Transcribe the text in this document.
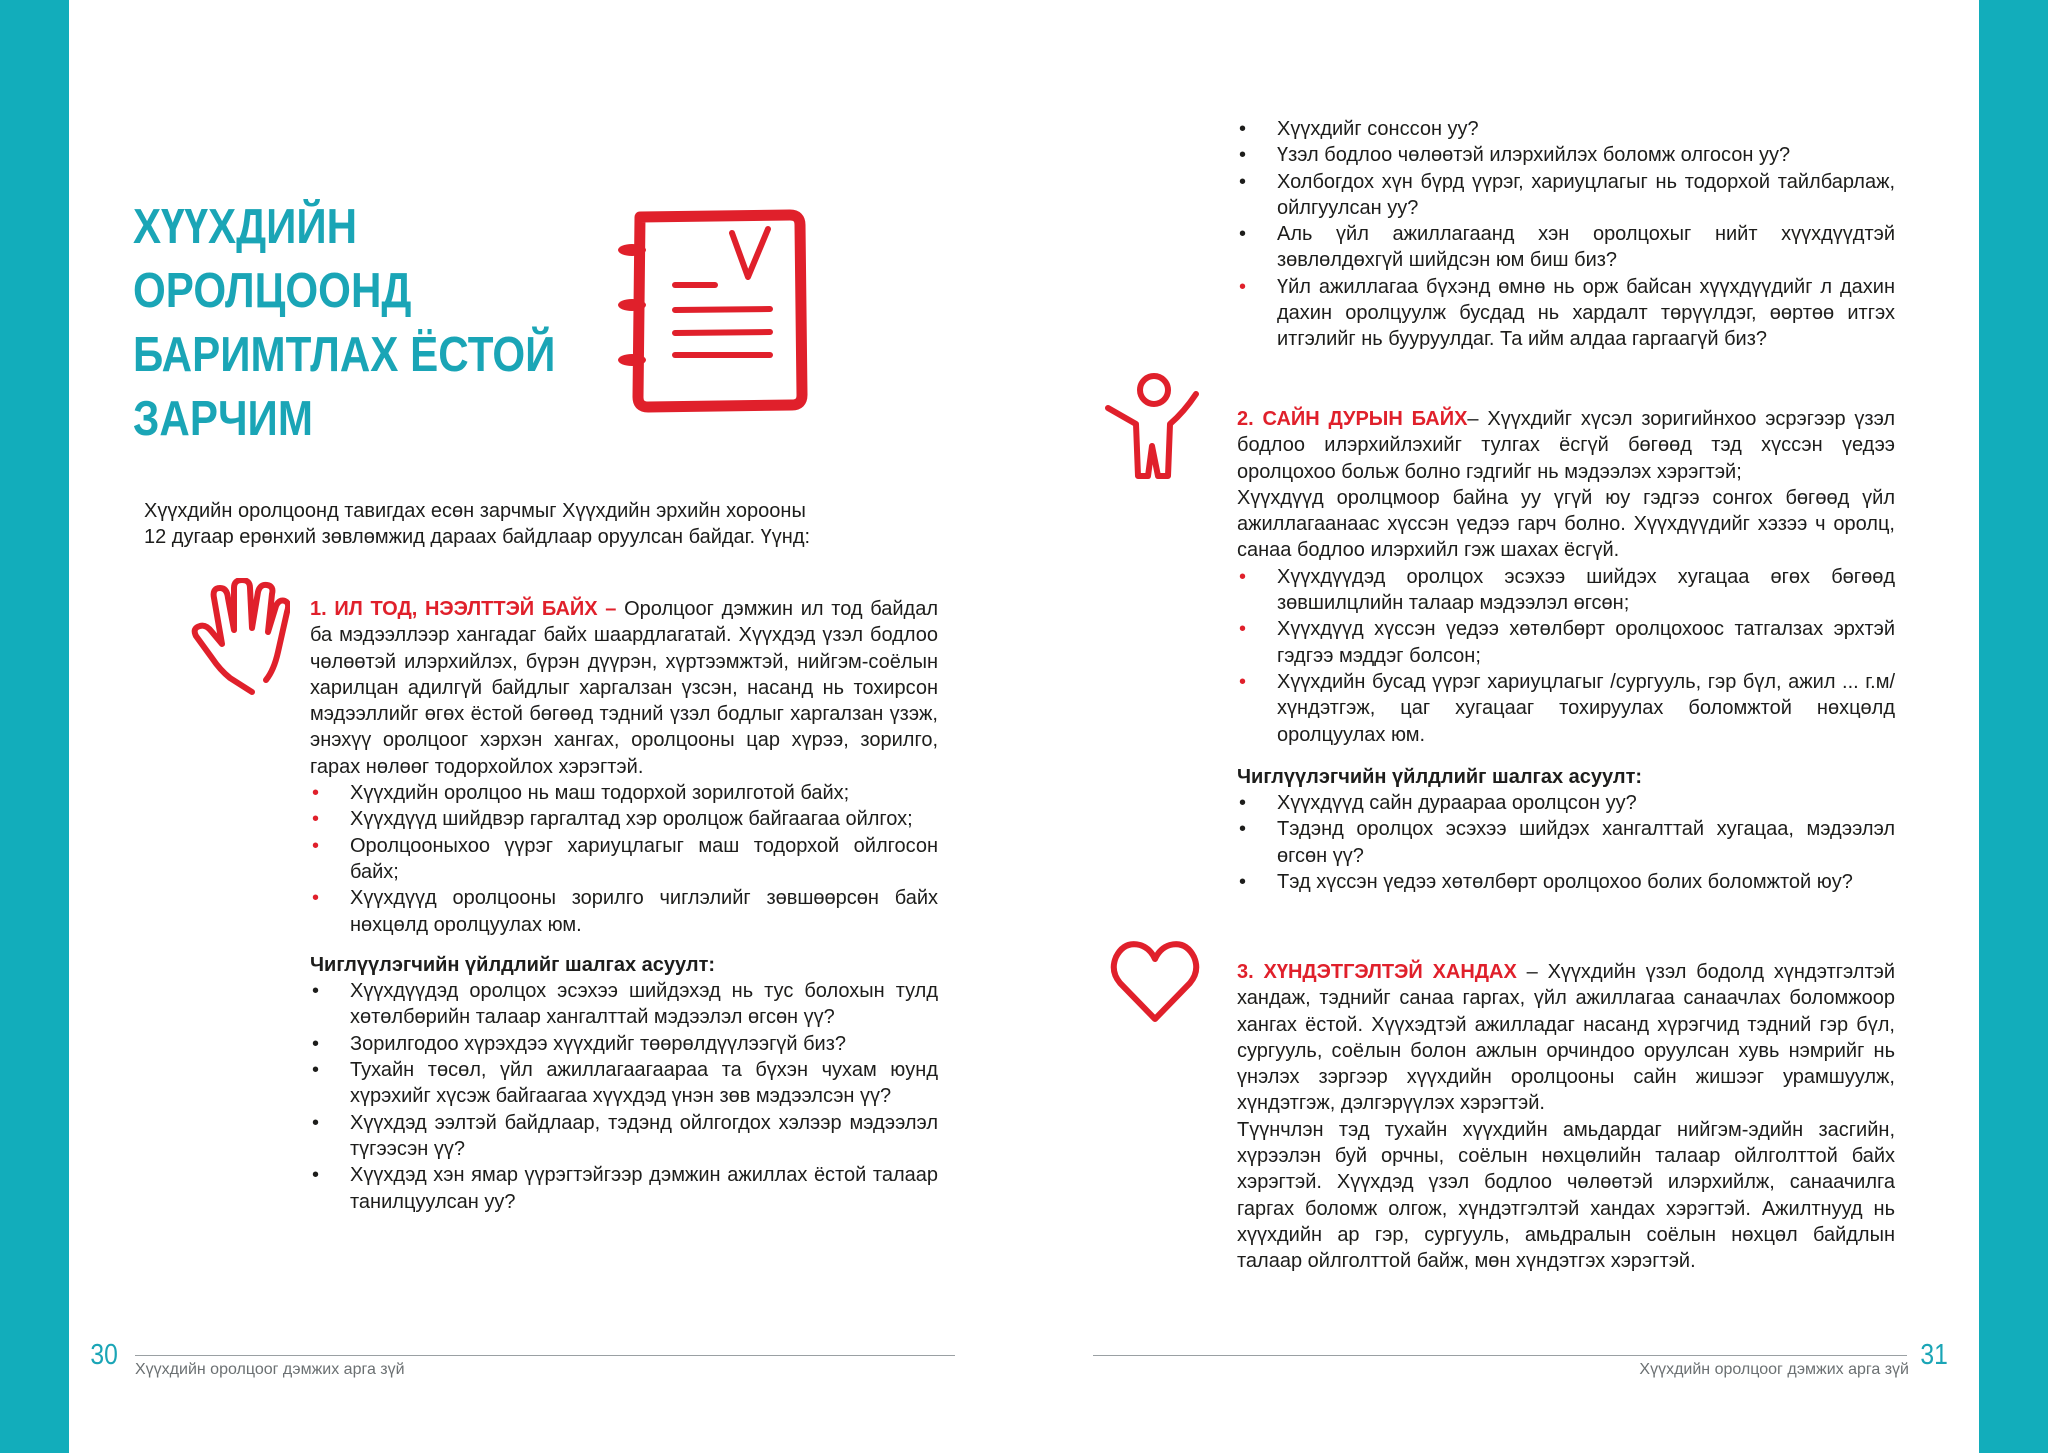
ХҮҮХДИЙН
ОРОЛЦООНД
БАРИМТЛАХ ЁСТОЙ
ЗАРЧИМ
Хүүхдийн оролцоонд тавигдах есөн зарчмыг Хүүхдийн эрхийн хорооны
12 дугаар ерөнхий зөвлөмжид дараах байдлаар оруулсан байдаг. Үүнд:

1. ИЛ ТОД, НЭЭЛТТЭЙ БАЙХ – Оролцоог дэмжин ил тод байдал ба мэдээллээр хангадаг байх шаардлагатай. Хүүхдэд үзэл бодлоо чөлөөтэй илэрхийлэх, бүрэн дүүрэн, хүртээмжтэй, нийгэм-соёлын харилцан адилгүй байдлыг харгалзан үзсэн, насанд нь тохирсон мэдээллийг өгөх ёстой бөгөөд тэдний үзэл бодлыг харгалзан үзэж, энэхүү оролцоог хэрхэн хангах, оролцооны цар хүрээ, зорилго, гарах нөлөөг тодорхойлох хэрэгтэй.

• Хүүхдийн оролцоо нь маш тодорхой зорилготой байх;
• Хүүхдүүд шийдвэр гаргалтад хэр оролцож байгаагаа ойлгох;
• Оролцооныхоо үүрэг хариуцлагыг маш тодорхой ойлгосон байх;
• Хүүхдүүд оролцооны зорилго чиглэлийг зөвшөөрсөн байх нөхцөлд оролцуулах юм.

Чиглүүлэгчийн үйлдлийг шалгах асуулт:

• Хүүхдүүдэд оролцох эсэхээ шийдэхэд нь тус болохын тулд хөтөлбөрийн талаар хангалттай мэдээлэл өгсөн үү?
• Зорилгодоо хүрэхдээ хүүхдийг төөрөлдүүлээгүй биз?
• Тухайн төсөл, үйл ажиллагаагаараа та бүхэн чухам юунд хүрэхийг хүсэж байгаагаа хүүхдэд үнэн зөв мэдээлсэн үү?
• Хүүхдэд ээлтэй байдлаар, тэдэнд ойлгогдох хэлээр мэдээлэл түгээсэн үү?
• Хүүхдэд хэн ямар үүрэгтэйгээр дэмжин ажиллах ёстой талаар танилцуулсан уу?
30 Хүүхдийн оролцоог дэмжих арга зүй
• Хүүхдийг сонссон уу?
• Үзэл бодлоо чөлөөтэй илэрхийлэх боломж олгосон уу?
• Холбогдох хүн бүрд үүрэг, хариуцлагыг нь тодорхой тайлбарлаж, ойлгуулсан уу?
• Аль үйл ажиллагаанд хэн оролцохыг нийт хүүхдүүдтэй зөвлөлдөхгүй шийдсэн юм биш биз?
• Үйл ажиллагаа бүхэнд өмнө нь орж байсан хүүхдүүдийг л дахин дахин оролцуулж бусдад нь хардалт төрүүлдэг, өөртөө итгэх итгэлийг нь бууруулдаг. Та ийм алдаа гаргаагүй биз?

2. САЙН ДУРЫН БАЙХ– Хүүхдийг хүсэл зоригийнхоо эсрэгээр үзэл бодлоо илэрхийлэхийг тулгах ёсгүй бөгөөд тэд хүссэн үедээ оролцохоо больж болно гэдгийг нь мэдээлэх хэрэгтэй;

Хүүхдүүд оролцмоор байна уу үгүй юу гэдгээ сонгох бөгөөд үйл ажиллагаанаас хүссэн үедээ гарч болно. Хүүхдүүдийг хэзээ ч оролц, санаа бодлоо илэрхийл гэж шахах ёсгүй.

• Хүүхдүүдэд оролцох эсэхээ шийдэх хугацаа өгөх бөгөөд зөвшилцлийн талаар мэдээлэл өгсөн;
• Хүүхдүүд хүссэн үедээ хөтөлбөрт оролцохоос татгалзах эрхтэй гэдгээ мэддэг болсон;
• Хүүхдийн бусад үүрэг хариуцлагыг /сургууль, гэр бүл, ажил ... г.м/ хүндэтгэж, цаг хугацааг тохируулах боломжтой нөхцөлд оролцуулах юм.

Чиглүүлэгчийн үйлдлийг шалгах асуулт:

• Хүүхдүүд сайн дураараа оролцсон уу?
• Тэдэнд оролцох эсэхээ шийдэх хангалттай хугацаа, мэдээлэл өгсөн үү?
• Тэд хүссэн үедээ хөтөлбөрт оролцохоо болих боломжтой юу?

3. ХҮНДЭТГЭЛТЭЙ ХАНДАХ – Хүүхдийн үзэл бодолд хүндэтгэлтэй хандаж, тэднийг санаа гаргах, үйл ажиллагаа санаачлах боломжоор хангах ёстой. Хүүхэдтэй ажилладаг насанд хүрэгчид тэдний гэр бүл, сургууль, соёлын болон ажлын орчиндоо оруулсан хувь нэмрийг нь үнэлэх зэргээр хүүхдийн оролцооны сайн жишээг урамшуулж, хүндэтгэж, дэлгэрүүлэх хэрэгтэй.

Түүнчлэн тэд тухайн хүүхдийн амьдардаг нийгэм-эдийн засгийн, хүрээлэн буй орчны, соёлын нөхцөлийн талаар ойлголттой байх хэрэгтэй. Хүүхдэд үзэл бодлоо чөлөөтэй илэрхийлж, санаачилга гаргах боломж олгож, хүндэтгэлтэй хандах хэрэгтэй. Ажилтнууд нь хүүхдийн ар гэр, сургууль, амьдралын соёлын нөхцөл байдлын талаар ойлголттой байж, мөн хүндэтгэх хэрэгтэй.

31
Хүүхдийн оролцоог дэмжих арга зүй
